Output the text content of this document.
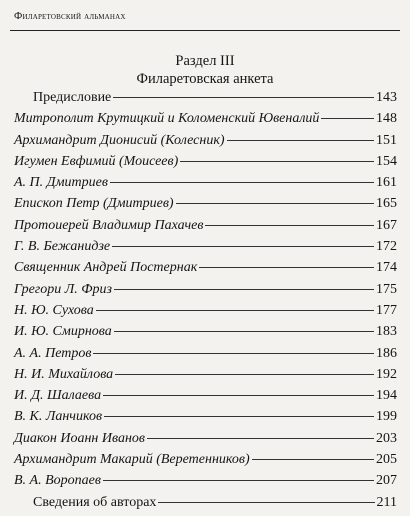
Филаретовский альманах
Раздел III
Филаретовская анкета
Предисловие	143
Митрополит Крутицкий и Коломенский Ювеналий	148
Архимандрит Дионисий (Колесник)	151
Игумен Евфимий (Моисеев)	154
А. П. Дмитриев	161
Епископ Петр (Дмитриев)	165
Протоиерей Владимир Пахачев	167
Г. В. Бежанидзе	172
Священник Андрей Постернак	174
Грегори Л. Фриз	175
Н. Ю. Сухова	177
И. Ю. Смирнова	183
А. А. Петров	186
Н. И. Михайлова	192
И. Д. Шалаева	194
В. К. Ланчиков	199
Диакон Иоанн Иванов	203
Архимандрит Макарий (Веретенников)	205
В. А. Воропаев	207
Сведения об авторах	211
